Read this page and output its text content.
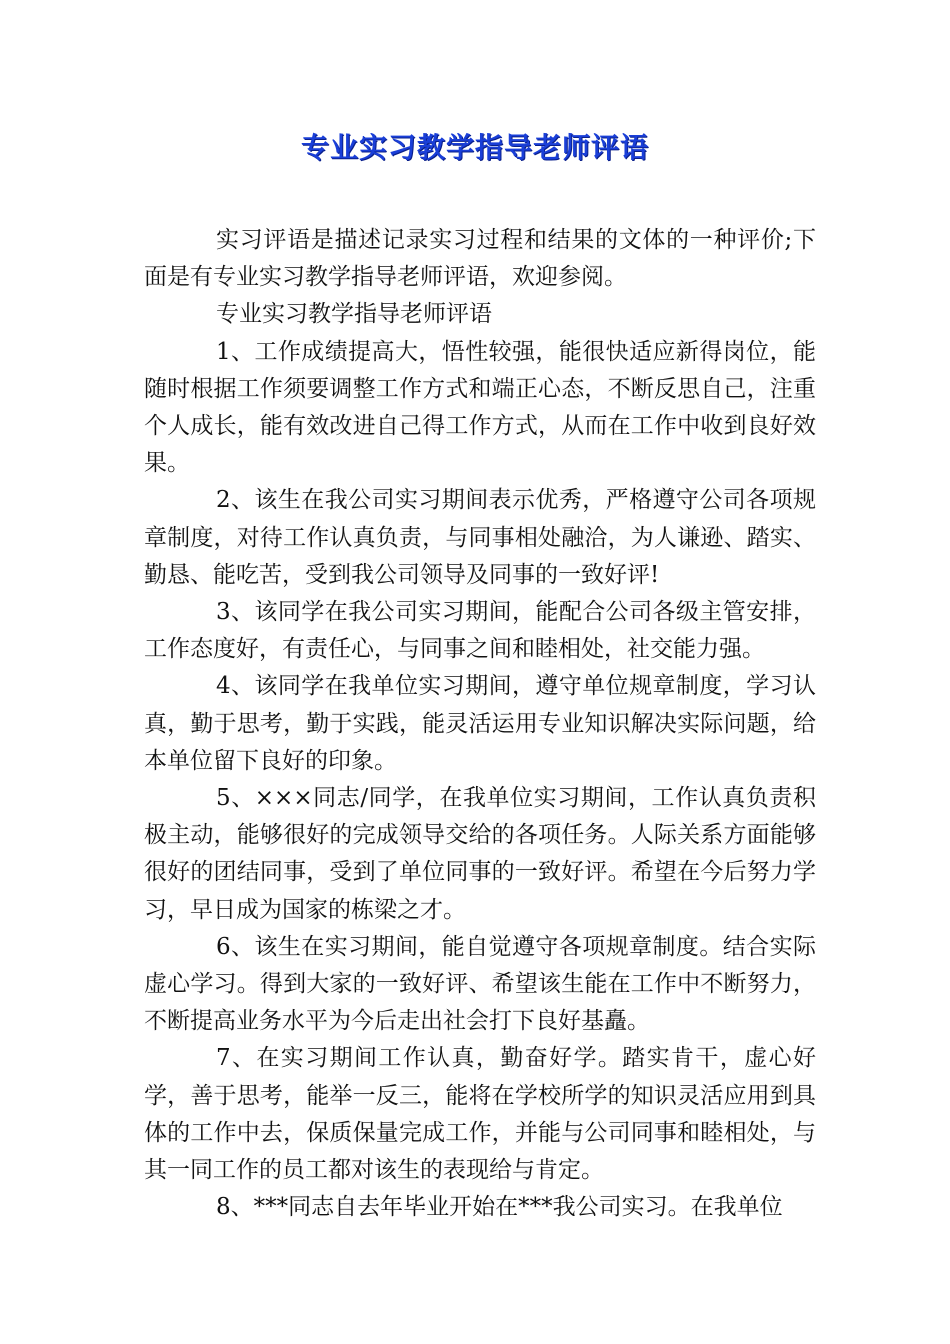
专业实习教学指导老师评语

实习评语是描述记录实习过程和结果的文体的一种评价;下面是有专业实习教学指导老师评语，欢迎参阅。

专业实习教学指导老师评语

1、工作成绩提高大，悟性较强，能很快适应新得岗位，能随时根据工作须要调整工作方式和端正心态，不断反思自己，注重个人成长，能有效改进自己得工作方式，从而在工作中收到良好效果。

2、该生在我公司实习期间表示优秀，严格遵守公司各项规章制度，对待工作认真负责，与同事相处融洽，为人谦逊、踏实、勤恳、能吃苦，受到我公司领导及同事的一致好评!

3、该同学在我公司实习期间，能配合公司各级主管安排，工作态度好，有责任心，与同事之间和睦相处，社交能力强。

4、该同学在我单位实习期间，遵守单位规章制度，学习认真，勤于思考，勤于实践，能灵活运用专业知识解决实际问题，给本单位留下良好的印象。

5、×××同志/同学，在我单位实习期间，工作认真负责积极主动，能够很好的完成领导交给的各项任务。人际关系方面能够很好的团结同事，受到了单位同事的一致好评。希望在今后努力学习，早日成为国家的栋梁之才。

6、该生在实习期间，能自觉遵守各项规章制度。结合实际虚心学习。得到大家的一致好评、希望该生能在工作中不断努力，不断提高业务水平为今后走出社会打下良好基矗。

7、在实习期间工作认真，勤奋好学。踏实肯干，虚心好学，善于思考，能举一反三，能将在学校所学的知识灵活应用到具体的工作中去，保质保量完成工作，并能与公司同事和睦相处，与其一同工作的员工都对该生的表现给与肯定。

8、***同志自去年毕业开始在***我公司实习。在我单位
